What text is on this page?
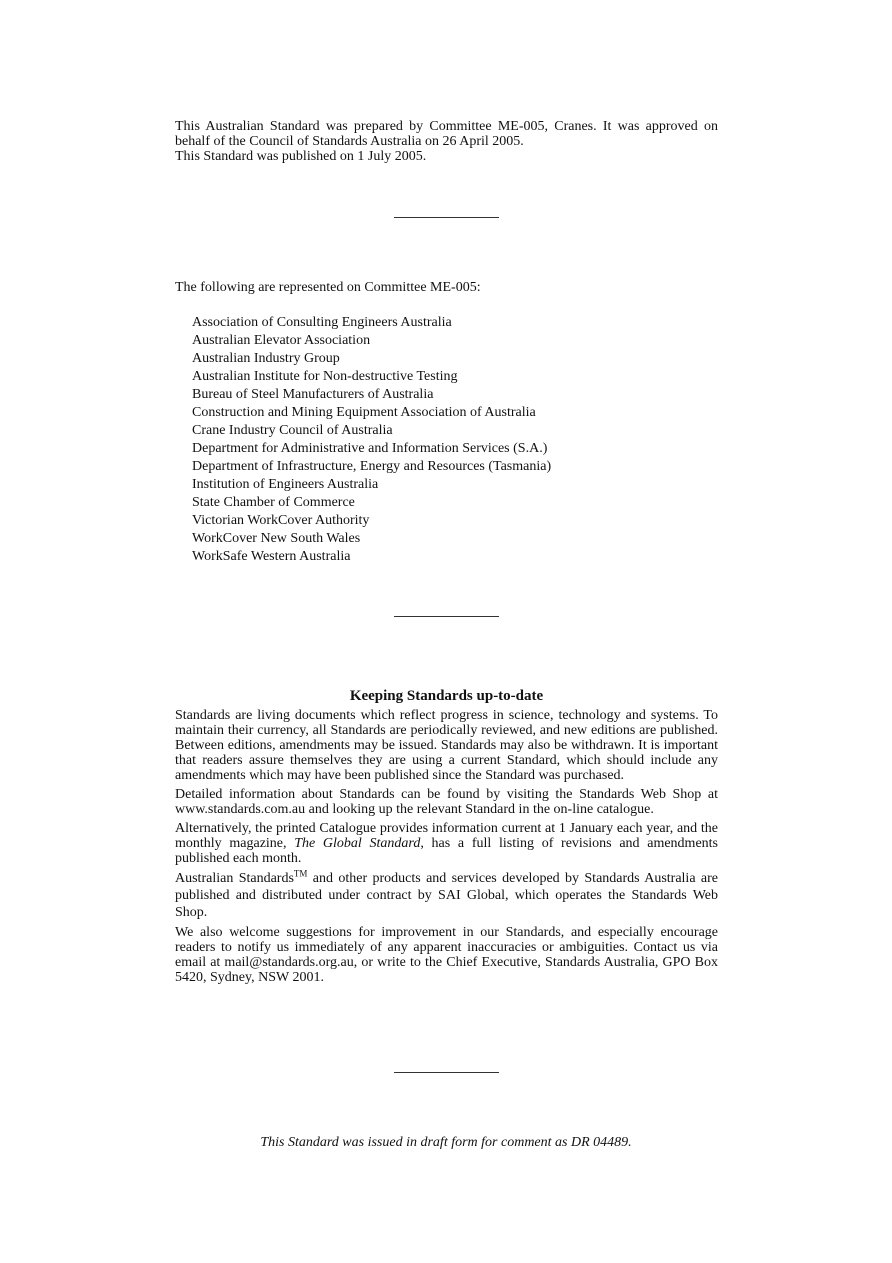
This Australian Standard was prepared by Committee ME-005, Cranes. It was approved on behalf of the Council of Standards Australia on 26 April 2005.

This Standard was published on 1 July 2005.

The following are represented on Committee ME-005:

Association of Consulting Engineers Australia
Australian Elevator Association
Australian Industry Group
Australian Institute for Non-destructive Testing
Bureau of Steel Manufacturers of Australia
Construction and Mining Equipment Association of Australia
Crane Industry Council of Australia
Department for Administrative and Information Services (S.A.)
Department of Infrastructure, Energy and Resources (Tasmania)
Institution of Engineers Australia
State Chamber of Commerce
Victorian WorkCover Authority
WorkCover New South Wales
WorkSafe Western Australia
Keeping Standards up-to-date

Standards are living documents which reflect progress in science, technology and systems. To maintain their currency, all Standards are periodically reviewed, and new editions are published. Between editions, amendments may be issued. Standards may also be withdrawn. It is important that readers assure themselves they are using a current Standard, which should include any amendments which may have been published since the Standard was purchased.

Detailed information about Standards can be found by visiting the Standards Web Shop at www.standards.com.au and looking up the relevant Standard in the on-line catalogue.

Alternatively, the printed Catalogue provides information current at 1 January each year, and the monthly magazine, The Global Standard, has a full listing of revisions and amendments published each month.

Australian Standards™ and other products and services developed by Standards Australia are published and distributed under contract by SAI Global, which operates the Standards Web Shop.

We also welcome suggestions for improvement in our Standards, and especially encourage readers to notify us immediately of any apparent inaccuracies or ambiguities. Contact us via email at mail@standards.org.au, or write to the Chief Executive, Standards Australia, GPO Box 5420, Sydney, NSW 2001.

This Standard was issued in draft form for comment as DR 04489.
